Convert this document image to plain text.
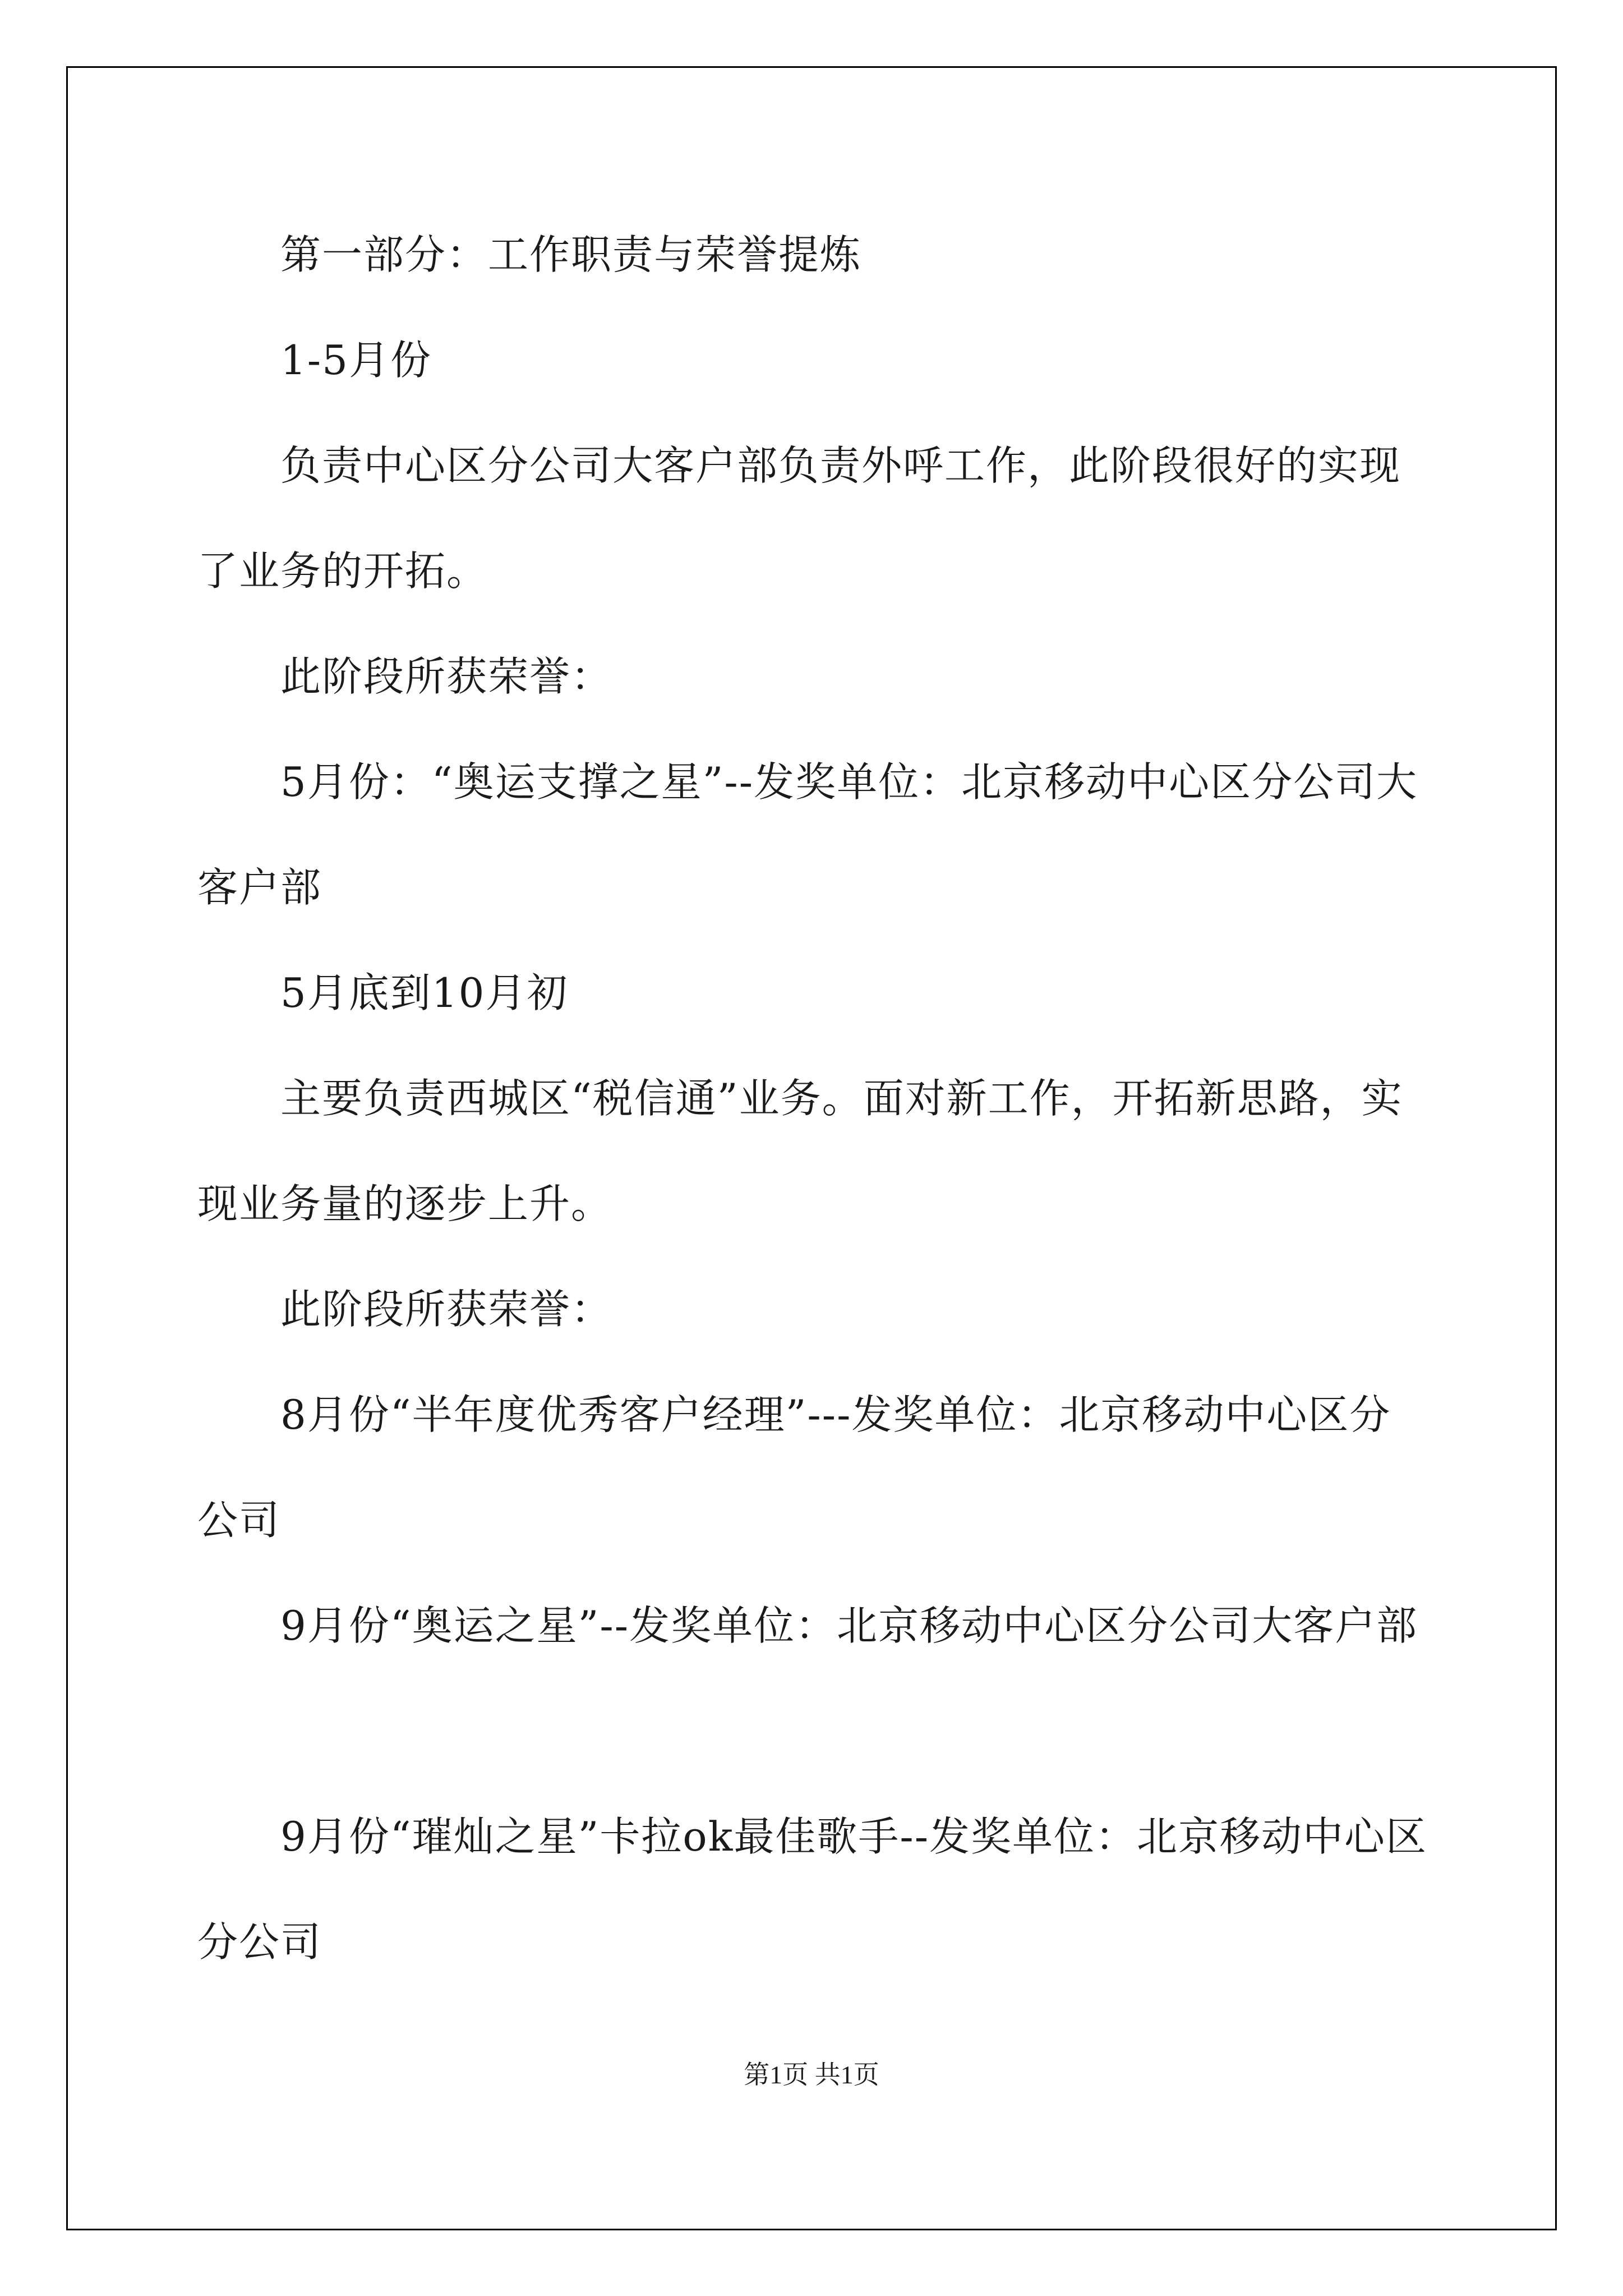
第一部分：工作职责与荣誉提炼
1-5月份
负责中心区分公司大客户部负责外呼工作，此阶段很好的实现了业务的开拓。
此阶段所获荣誉：
5月份：“奥运支撑之星”--发奖单位：北京移动中心区分公司大客户部
5月底到10月初
主要负责西城区“税信通”业务。面对新工作，开拓新思路，实现业务量的逐步上升。
此阶段所获荣誉：
8月份“半年度优秀客户经理”---发奖单位：北京移动中心区分公司
9月份“奥运之星”--发奖单位：北京移动中心区分公司大客户部
9月份“璀灿之星”卡拉ok最佳歌手--发奖单位：北京移动中心区分公司
第1页 共1页
